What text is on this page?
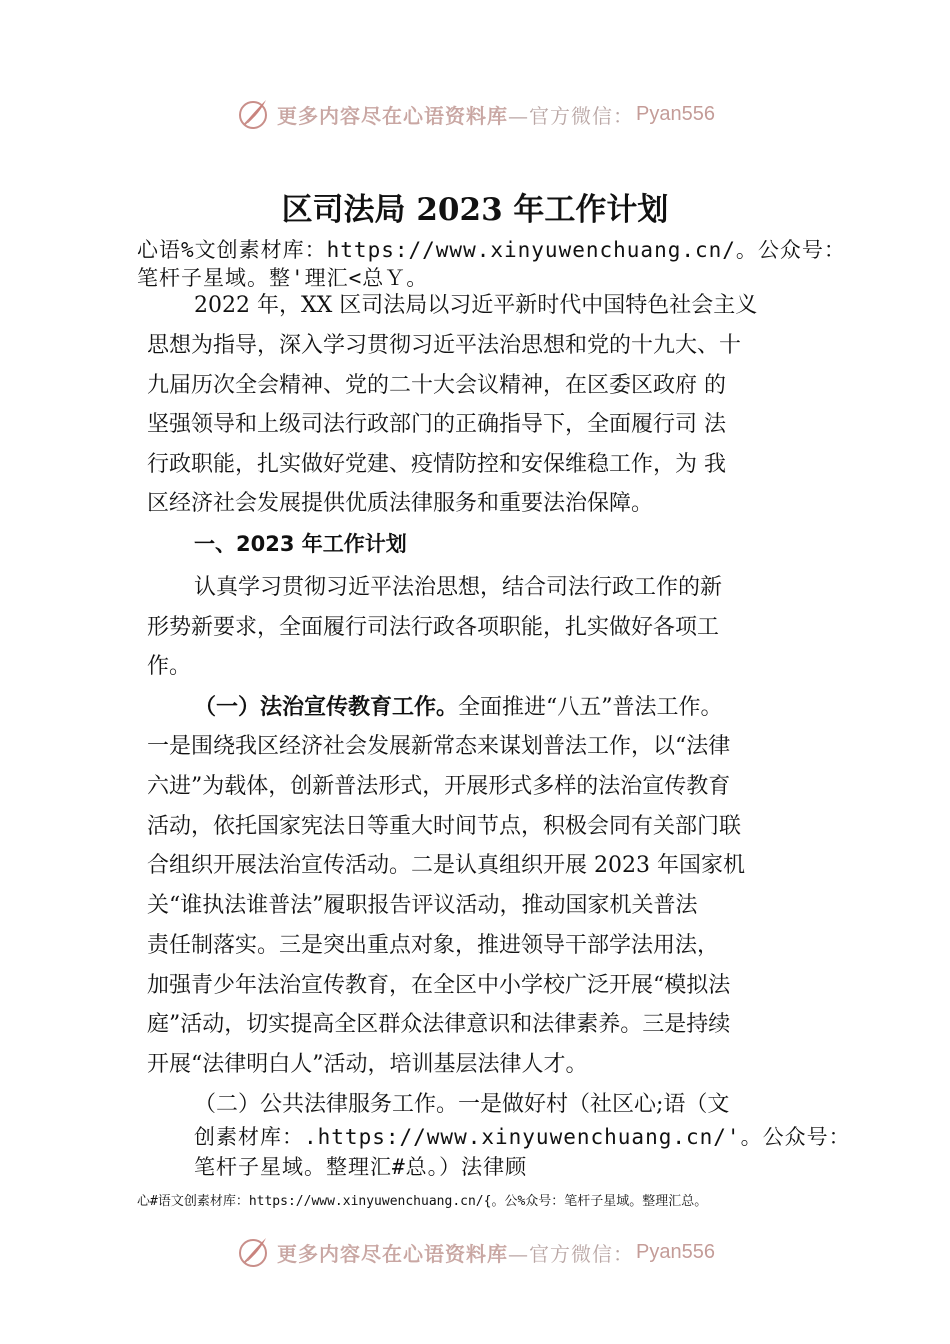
更多内容尽在心语资料库 —官方微信： Pyan556
区司法局 2023 年工作计划

心语%文创素材库：https://www.xinyuwenchuang.cn/。公众号：

笔杆子星域。整'理汇<总Ｙ。

2022 年，XX 区司法局以习近平新时代中国特色社会主义

思想为指导，深入学习贯彻习近平法治思想和党的十九大、十

九届历次全会精神、党的二十大会议精神，在区委区政府 的

坚强领导和上级司法行政部门的正确指导下，全面履行司 法

行政职能，扎实做好党建、疫情防控和安保维稳工作，为 我

区经济社会发展提供优质法律服务和重要法治保障。

一、2023 年工作计划

认真学习贯彻习近平法治思想，结合司法行政工作的新

形势新要求，全面履行司法行政各项职能，扎实做好各项工

作。

（一）法治宣传教育工作。全面推进“八五”普法工作。

一是围绕我区经济社会发展新常态来谋划普法工作，以“法律

六进”为载体，创新普法形式，开展形式多样的法治宣传教育

活动，依托国家宪法日等重大时间节点，积极会同有关部门联

合组织开展法治宣传活动。二是认真组织开展 2023 年国家机

关“谁执法谁普法”履职报告评议活动，推动国家机关普法

责任制落实。三是突出重点对象，推进领导干部学法用法，

加强青少年法治宣传教育，在全区中小学校广泛开展“模拟法

庭”活动，切实提高全区群众法律意识和法律素养。三是持续

开展“法律明白人”活动，培训基层法律人才。

（二）公共法律服务工作。一是做好村（社区心;语（文

创素材库：.https://www.xinyuwenchuang.cn/'。公众号：

笔杆子星域。整理汇#总。）法律顾

心#语文创素材库：https://www.xinyuwenchuang.cn/{。公%众号：笔杆子星域。整理汇总。
更多内容尽在心语资料库 —官方微信： Pyan556
